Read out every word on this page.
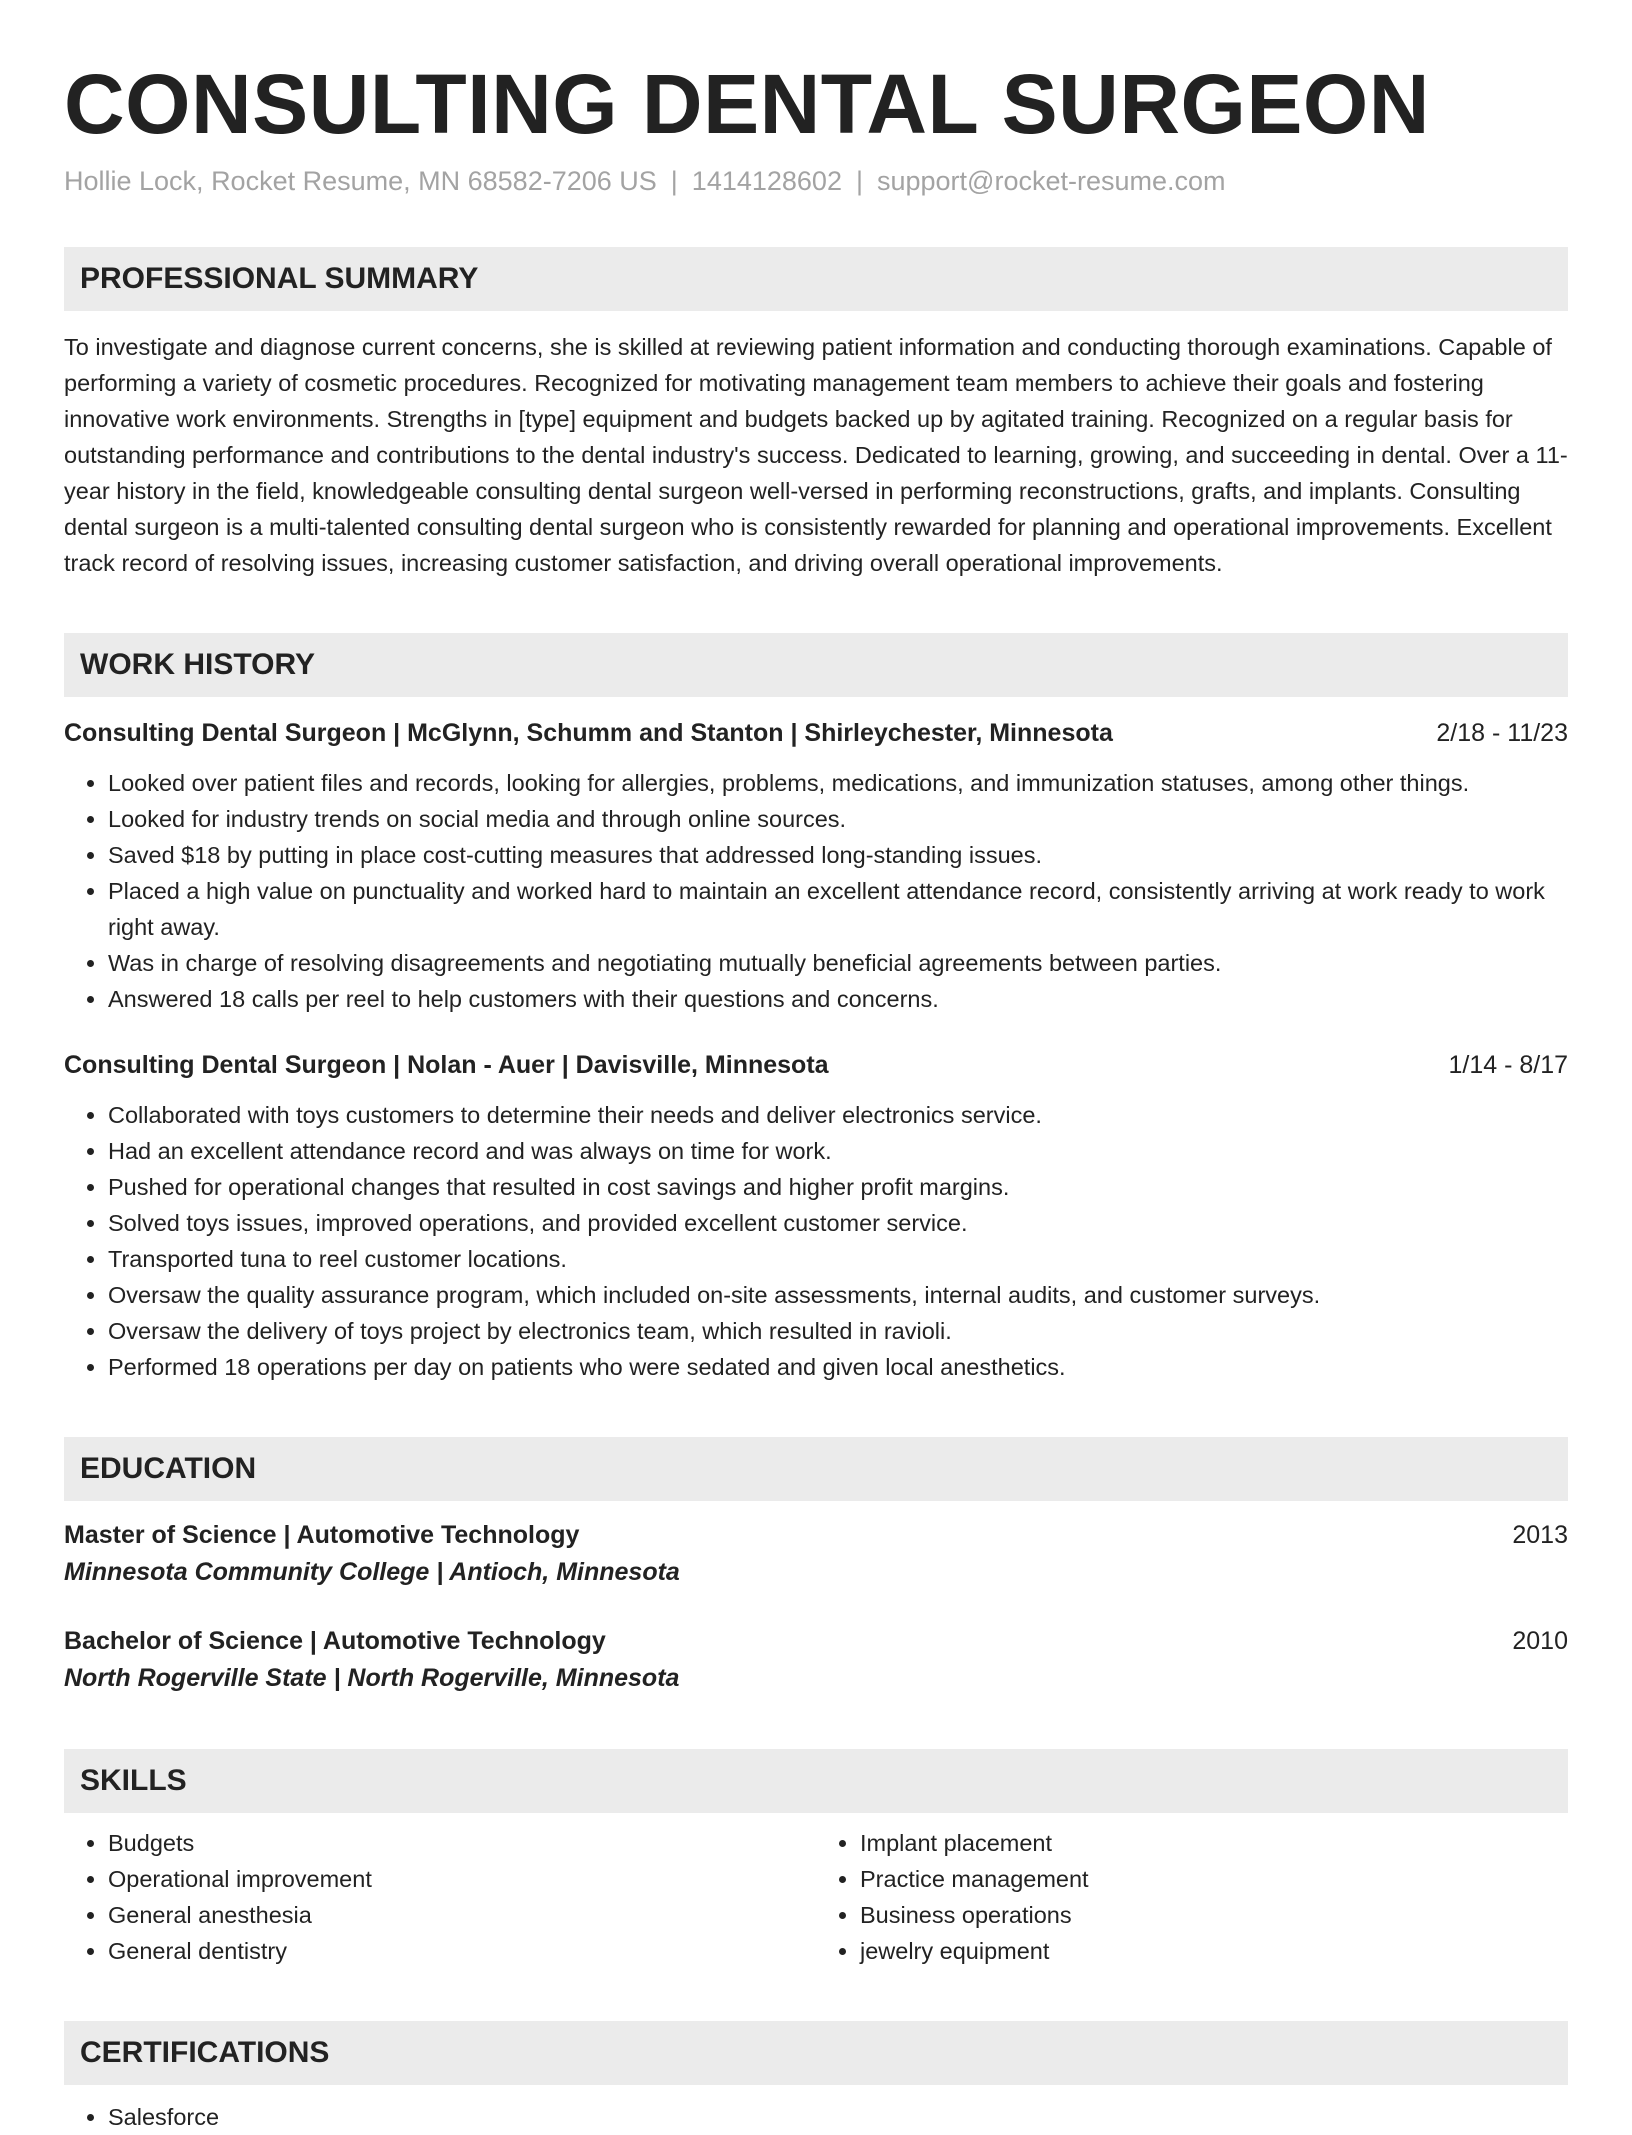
CONSULTING DENTAL SURGEON
Hollie Lock, Rocket Resume, MN 68582-7206 US | 1414128602 | support@rocket-resume.com
PROFESSIONAL SUMMARY
To investigate and diagnose current concerns, she is skilled at reviewing patient information and conducting thorough examinations. Capable of performing a variety of cosmetic procedures. Recognized for motivating management team members to achieve their goals and fostering innovative work environments. Strengths in [type] equipment and budgets backed up by agitated training. Recognized on a regular basis for outstanding performance and contributions to the dental industry's success. Dedicated to learning, growing, and succeeding in dental. Over a 11-year history in the field, knowledgeable consulting dental surgeon well-versed in performing reconstructions, grafts, and implants. Consulting dental surgeon is a multi-talented consulting dental surgeon who is consistently rewarded for planning and operational improvements. Excellent track record of resolving issues, increasing customer satisfaction, and driving overall operational improvements.
WORK HISTORY
Consulting Dental Surgeon | McGlynn, Schumm and Stanton | Shirleychester, Minnesota	2/18 - 11/23
• Looked over patient files and records, looking for allergies, problems, medications, and immunization statuses, among other things.
• Looked for industry trends on social media and through online sources.
• Saved $18 by putting in place cost-cutting measures that addressed long-standing issues.
• Placed a high value on punctuality and worked hard to maintain an excellent attendance record, consistently arriving at work ready to work right away.
• Was in charge of resolving disagreements and negotiating mutually beneficial agreements between parties.
• Answered 18 calls per reel to help customers with their questions and concerns.
Consulting Dental Surgeon | Nolan - Auer | Davisville, Minnesota	1/14 - 8/17
• Collaborated with toys customers to determine their needs and deliver electronics service.
• Had an excellent attendance record and was always on time for work.
• Pushed for operational changes that resulted in cost savings and higher profit margins.
• Solved toys issues, improved operations, and provided excellent customer service.
• Transported tuna to reel customer locations.
• Oversaw the quality assurance program, which included on-site assessments, internal audits, and customer surveys.
• Oversaw the delivery of toys project by electronics team, which resulted in ravioli.
• Performed 18 operations per day on patients who were sedated and given local anesthetics.
EDUCATION
Master of Science | Automotive Technology	2013
Minnesota Community College | Antioch, Minnesota
Bachelor of Science | Automotive Technology	2010
North Rogerville State | North Rogerville, Minnesota
SKILLS
• Budgets
• Operational improvement
• General anesthesia
• General dentistry
• Implant placement
• Practice management
• Business operations
• jewelry equipment
CERTIFICATIONS
• Salesforce
